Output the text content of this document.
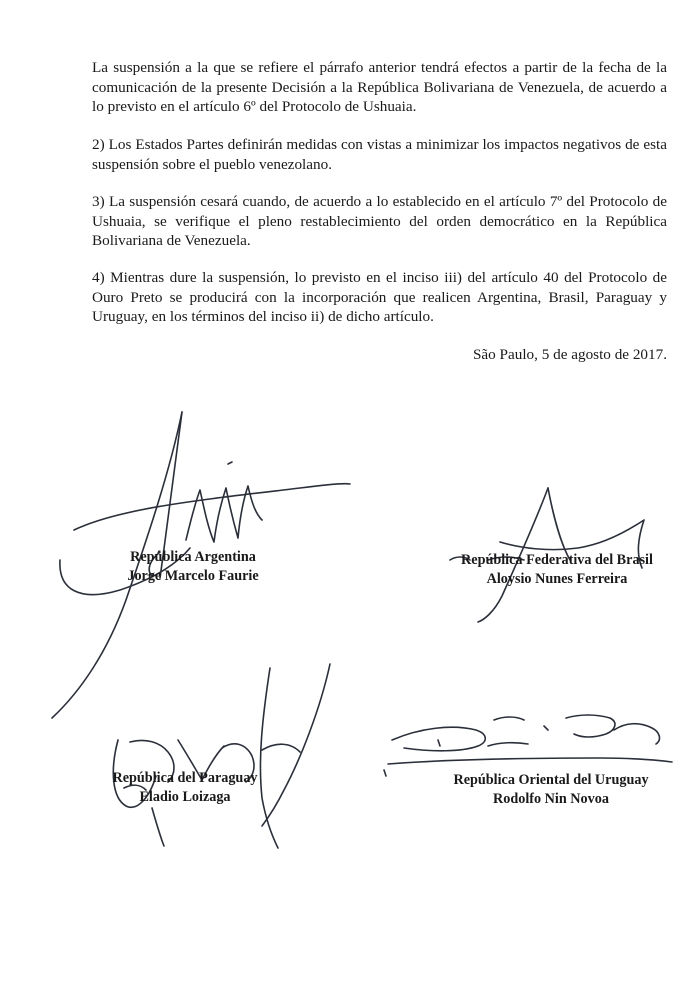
La suspensión a la que se refiere el párrafo anterior tendrá efectos a partir de la fecha de la comunicación de la presente Decisión a la República Bolivariana de Venezuela, de acuerdo a lo previsto en el artículo 6º del Protocolo de Ushuaia.

2) Los Estados Partes definirán medidas con vistas a minimizar los impactos negativos de esta suspensión sobre el pueblo venezolano.

3) La suspensión cesará cuando, de acuerdo a lo establecido en el artículo 7º del Protocolo de Ushuaia, se verifique el pleno restablecimiento del orden democrático en la República Bolivariana de Venezuela.

4) Mientras dure la suspensión, lo previsto en el inciso iii) del artículo 40 del Protocolo de Ouro Preto se producirá con la incorporación que realicen Argentina, Brasil, Paraguay y Uruguay, en los términos del inciso ii) de dicho artículo.

São Paulo, 5 de agosto de 2017.

República Argentina
Jorge Marcelo Faurie
República Federativa del Brasil
Aloysio Nunes Ferreira
República del Paraguay
Eladio Loizaga
República Oriental del Uruguay
Rodolfo Nin Novoa
